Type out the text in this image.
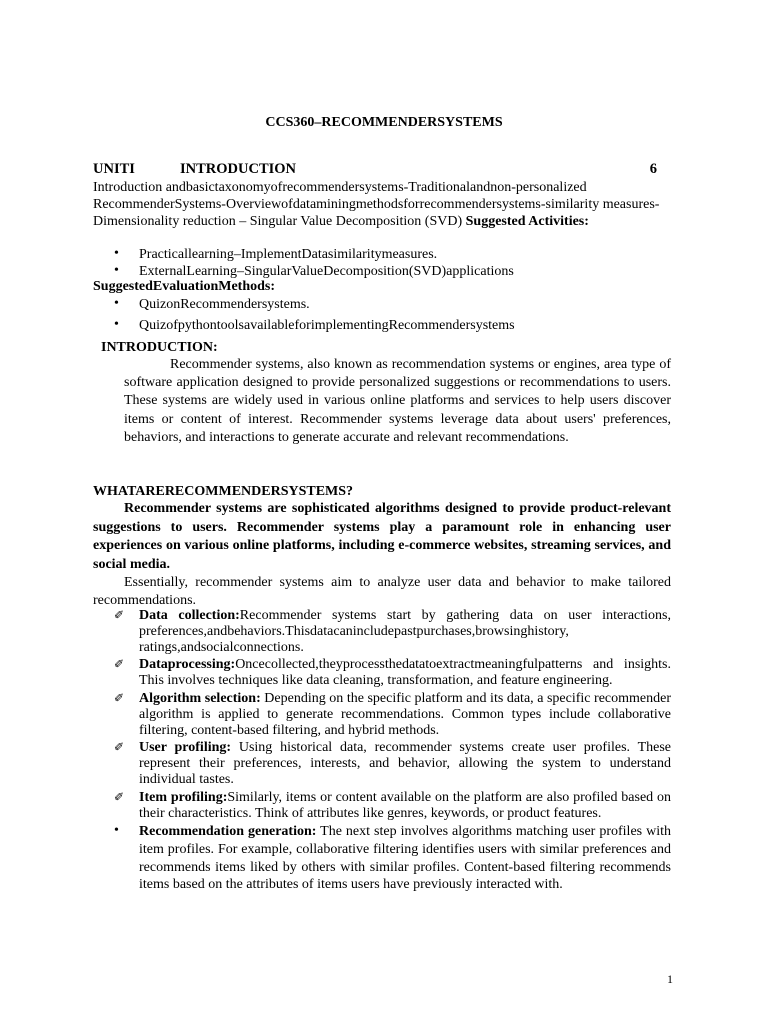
CCS360–RECOMMENDERSYSTEMS
UNITI	INTRODUCTION	6
Introduction andbasictaxonomyofrecommendersystems-Traditionalandnon-personalized RecommenderSystems-Overviewofdataminingmethodsforrecommendersystems-similarity measures- Dimensionality reduction – Singular Value Decomposition (SVD) Suggested Activities:
• Practicallearning–ImplementDatasimilaritymeasures.
• ExternalLearning–SingularValueDecomposition(SVD)applications
SuggestedEvaluationMethods:
• QuizonRecommendersystems.
• QuizofpythontoolsavailableforimplementingRecommendersystems
INTRODUCTION:
Recommender systems, also known as recommendation systems or engines, area type of software application designed to provide personalized suggestions or recommendations to users. These systems are widely used in various online platforms and services to help users discover items or content of interest. Recommender systems leverage data about users' preferences, behaviors, and interactions to generate accurate and relevant recommendations.
WHATARERECOMMENDERSYSTEMS?
Recommender systems are sophisticated algorithms designed to provide product-relevant suggestions to users. Recommender systems play a paramount role in enhancing user experiences on various online platforms, including e-commerce websites, streaming services, and social media.
Essentially, recommender systems aim to analyze user data and behavior to make tailored recommendations.
✐ Data collection:Recommender systems start by gathering data on user interactions, preferences,andbehaviors.Thisdatacanincludepastpurchases,browsinghistory, ratings,andsocialconnections.
✐ Dataprocessing:Oncecollected,theyprocessthedatatoextractmeaningfulpatterns and insights. This involves techniques like data cleaning, transformation, and feature engineering.
✐ Algorithm selection: Depending on the specific platform and its data, a specific recommender algorithm is applied to generate recommendations. Common types include collaborative filtering, content-based filtering, and hybrid methods.
✐ User profiling: Using historical data, recommender systems create user profiles. These represent their preferences, interests, and behavior, allowing the system to understand individual tastes.
✐ Item profiling:Similarly, items or content available on the platform are also profiled based on their characteristics. Think of attributes like genres, keywords, or product features.
• Recommendation generation: The next step involves algorithms matching user profiles with item profiles. For example, collaborative filtering identifies users with similar preferences and recommends items liked by others with similar profiles. Content-based filtering recommends items based on the attributes of items users have previously interacted with.
1
